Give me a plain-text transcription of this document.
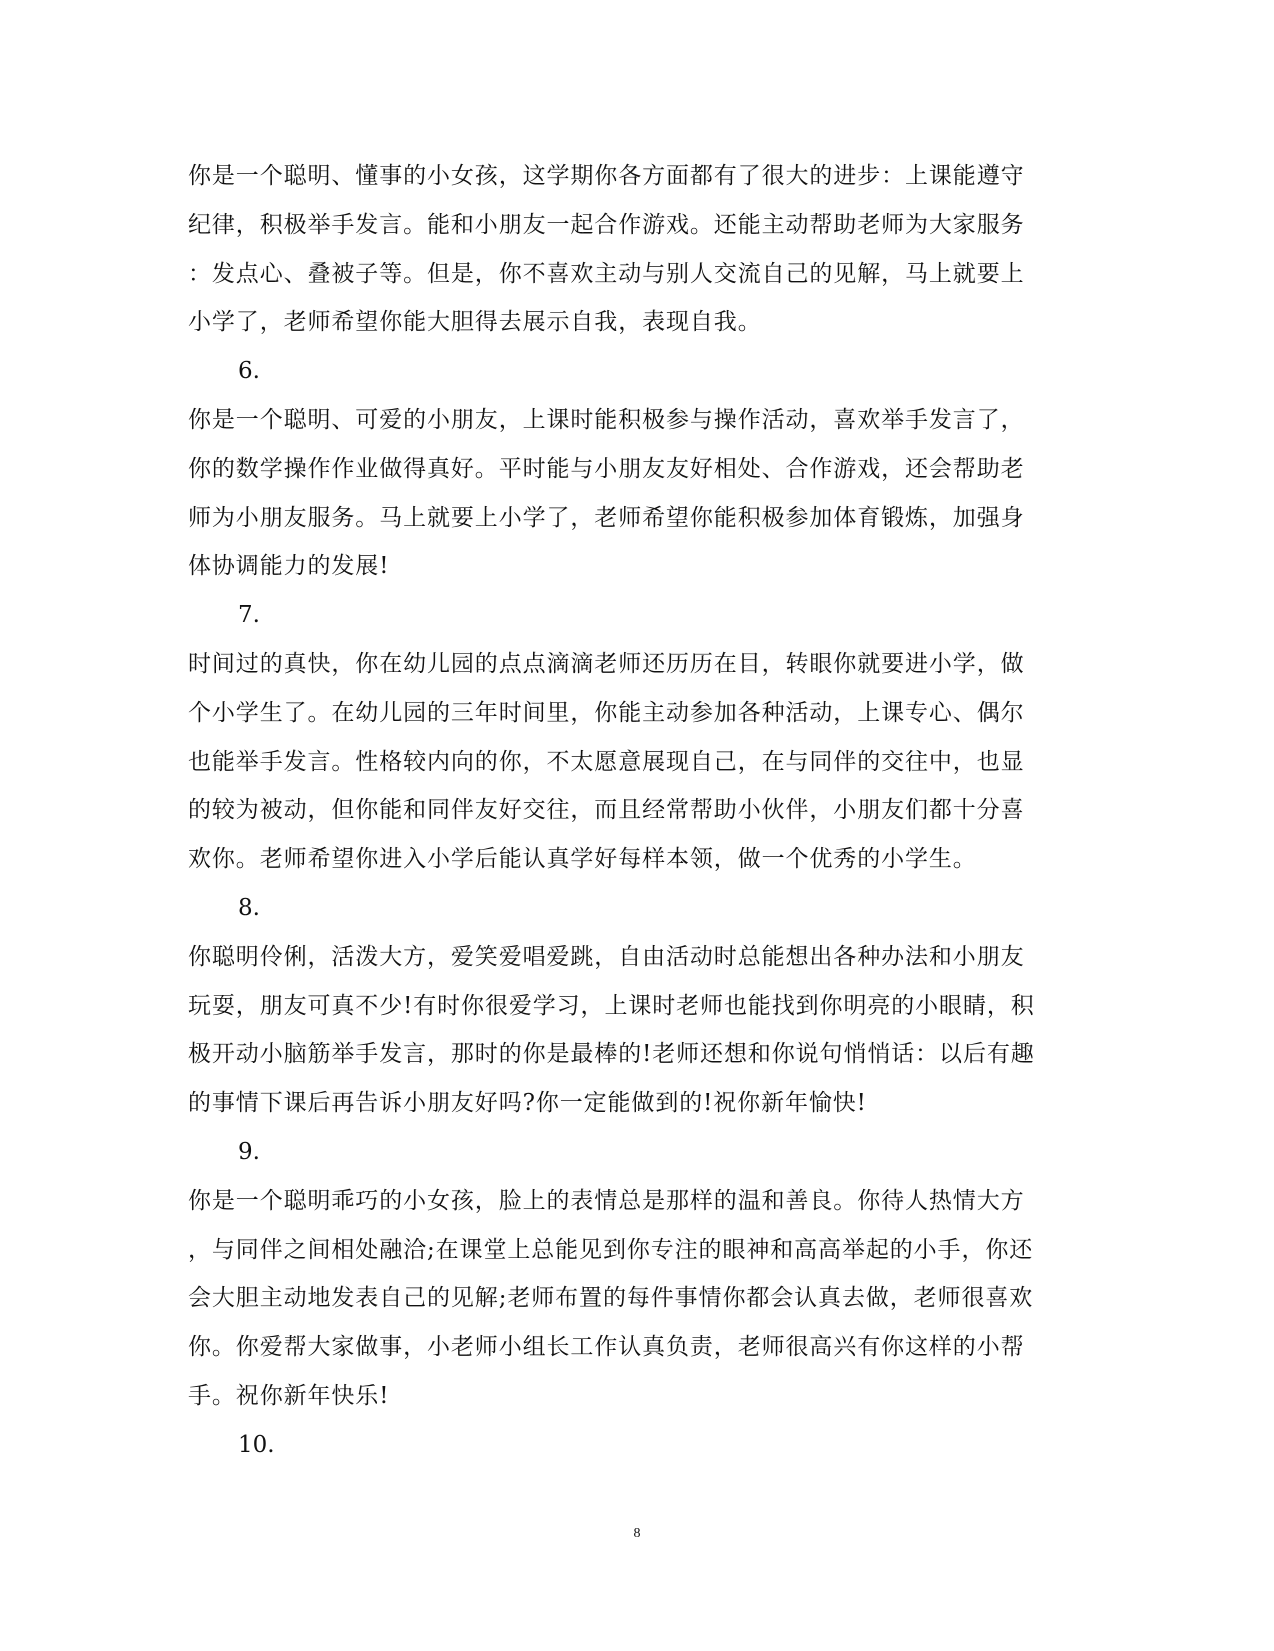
你是一个聪明、懂事的小女孩，这学期你各方面都有了很大的进步：上课能遵守
纪律，积极举手发言。能和小朋友一起合作游戏。还能主动帮助老师为大家服务
：发点心、叠被子等。但是，你不喜欢主动与别人交流自己的见解，马上就要上
小学了，老师希望你能大胆得去展示自我，表现自我。
6.
你是一个聪明、可爱的小朋友，上课时能积极参与操作活动，喜欢举手发言了，
你的数学操作作业做得真好。平时能与小朋友友好相处、合作游戏，还会帮助老
师为小朋友服务。马上就要上小学了，老师希望你能积极参加体育锻炼，加强身
体协调能力的发展!
7.
时间过的真快，你在幼儿园的点点滴滴老师还历历在目，转眼你就要进小学，做
个小学生了。在幼儿园的三年时间里，你能主动参加各种活动，上课专心、偶尔
也能举手发言。性格较内向的你，不太愿意展现自己，在与同伴的交往中，也显
的较为被动，但你能和同伴友好交往，而且经常帮助小伙伴，小朋友们都十分喜
欢你。老师希望你进入小学后能认真学好每样本领，做一个优秀的小学生。
8.
你聪明伶俐，活泼大方，爱笑爱唱爱跳，自由活动时总能想出各种办法和小朋友
玩耍，朋友可真不少!有时你很爱学习，上课时老师也能找到你明亮的小眼睛，积
极开动小脑筋举手发言，那时的你是最棒的!老师还想和你说句悄悄话：以后有趣
的事情下课后再告诉小朋友好吗?你一定能做到的!祝你新年愉快!
9.
你是一个聪明乖巧的小女孩，脸上的表情总是那样的温和善良。你待人热情大方
，与同伴之间相处融洽;在课堂上总能见到你专注的眼神和高高举起的小手，你还
会大胆主动地发表自己的见解;老师布置的每件事情你都会认真去做，老师很喜欢
你。你爱帮大家做事，小老师小组长工作认真负责，老师很高兴有你这样的小帮
手。祝你新年快乐!
10.
8
